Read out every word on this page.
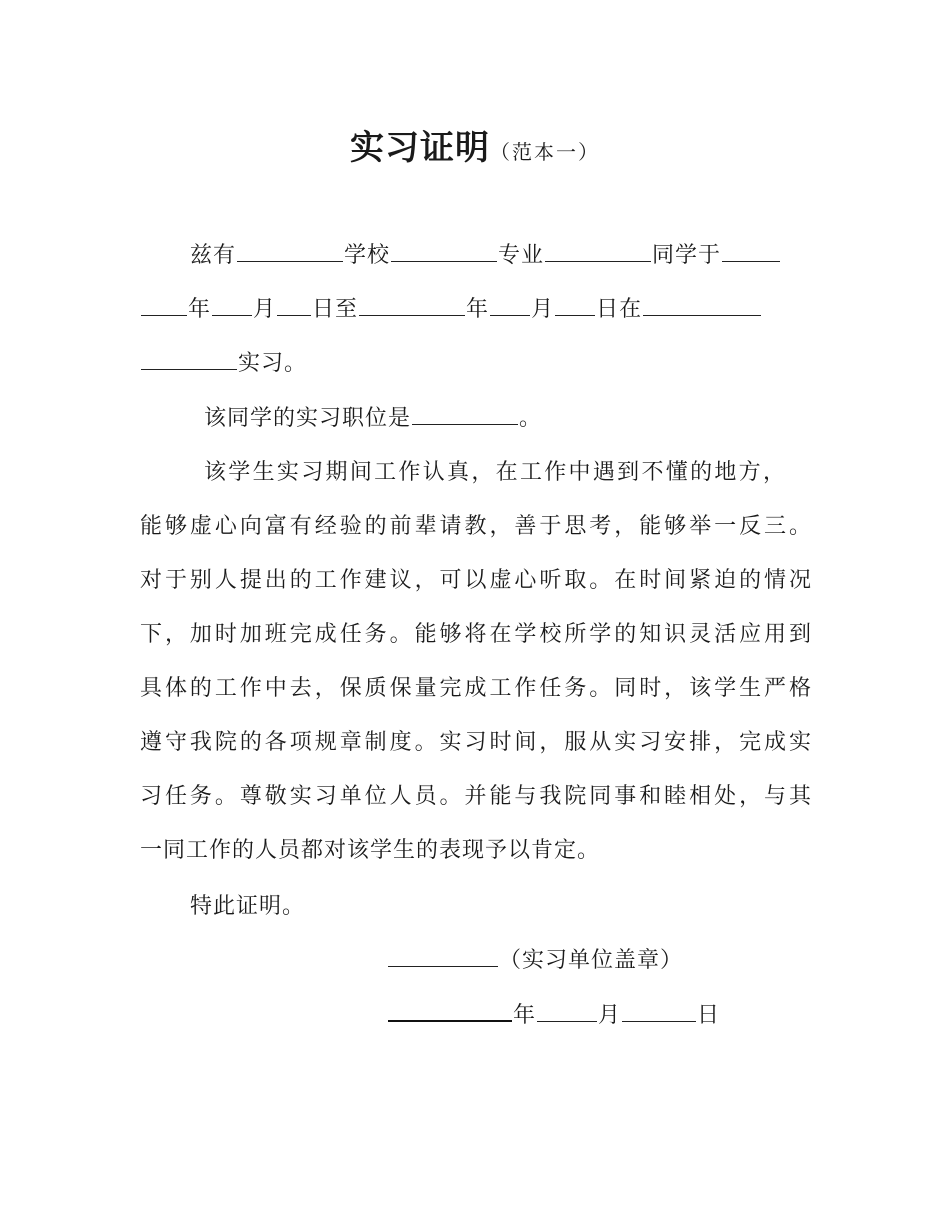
实习证明（范本一）
兹有	学校	专业	同学于
年 月 日至	年 月 日在
实习。
该同学的实习职位是	。
该学生实习期间工作认真，在工作中遇到不懂的地方，
能够虚心向富有经验的前辈请教，善于思考，能够举一反三。
对于别人提出的工作建议，可以虚心听取。在时间紧迫的情况
下，加时加班完成任务。能够将在学校所学的知识灵活应用到
具体的工作中去，保质保量完成工作任务。同时，该学生严格
遵守我院的各项规章制度。实习时间，服从实习安排，完成实
习任务。尊敬实习单位人员。并能与我院同事和睦相处，与其
一同工作的人员都对该学生的表现予以肯定。
特此证明。
（实习单位盖章）
年	月	日
